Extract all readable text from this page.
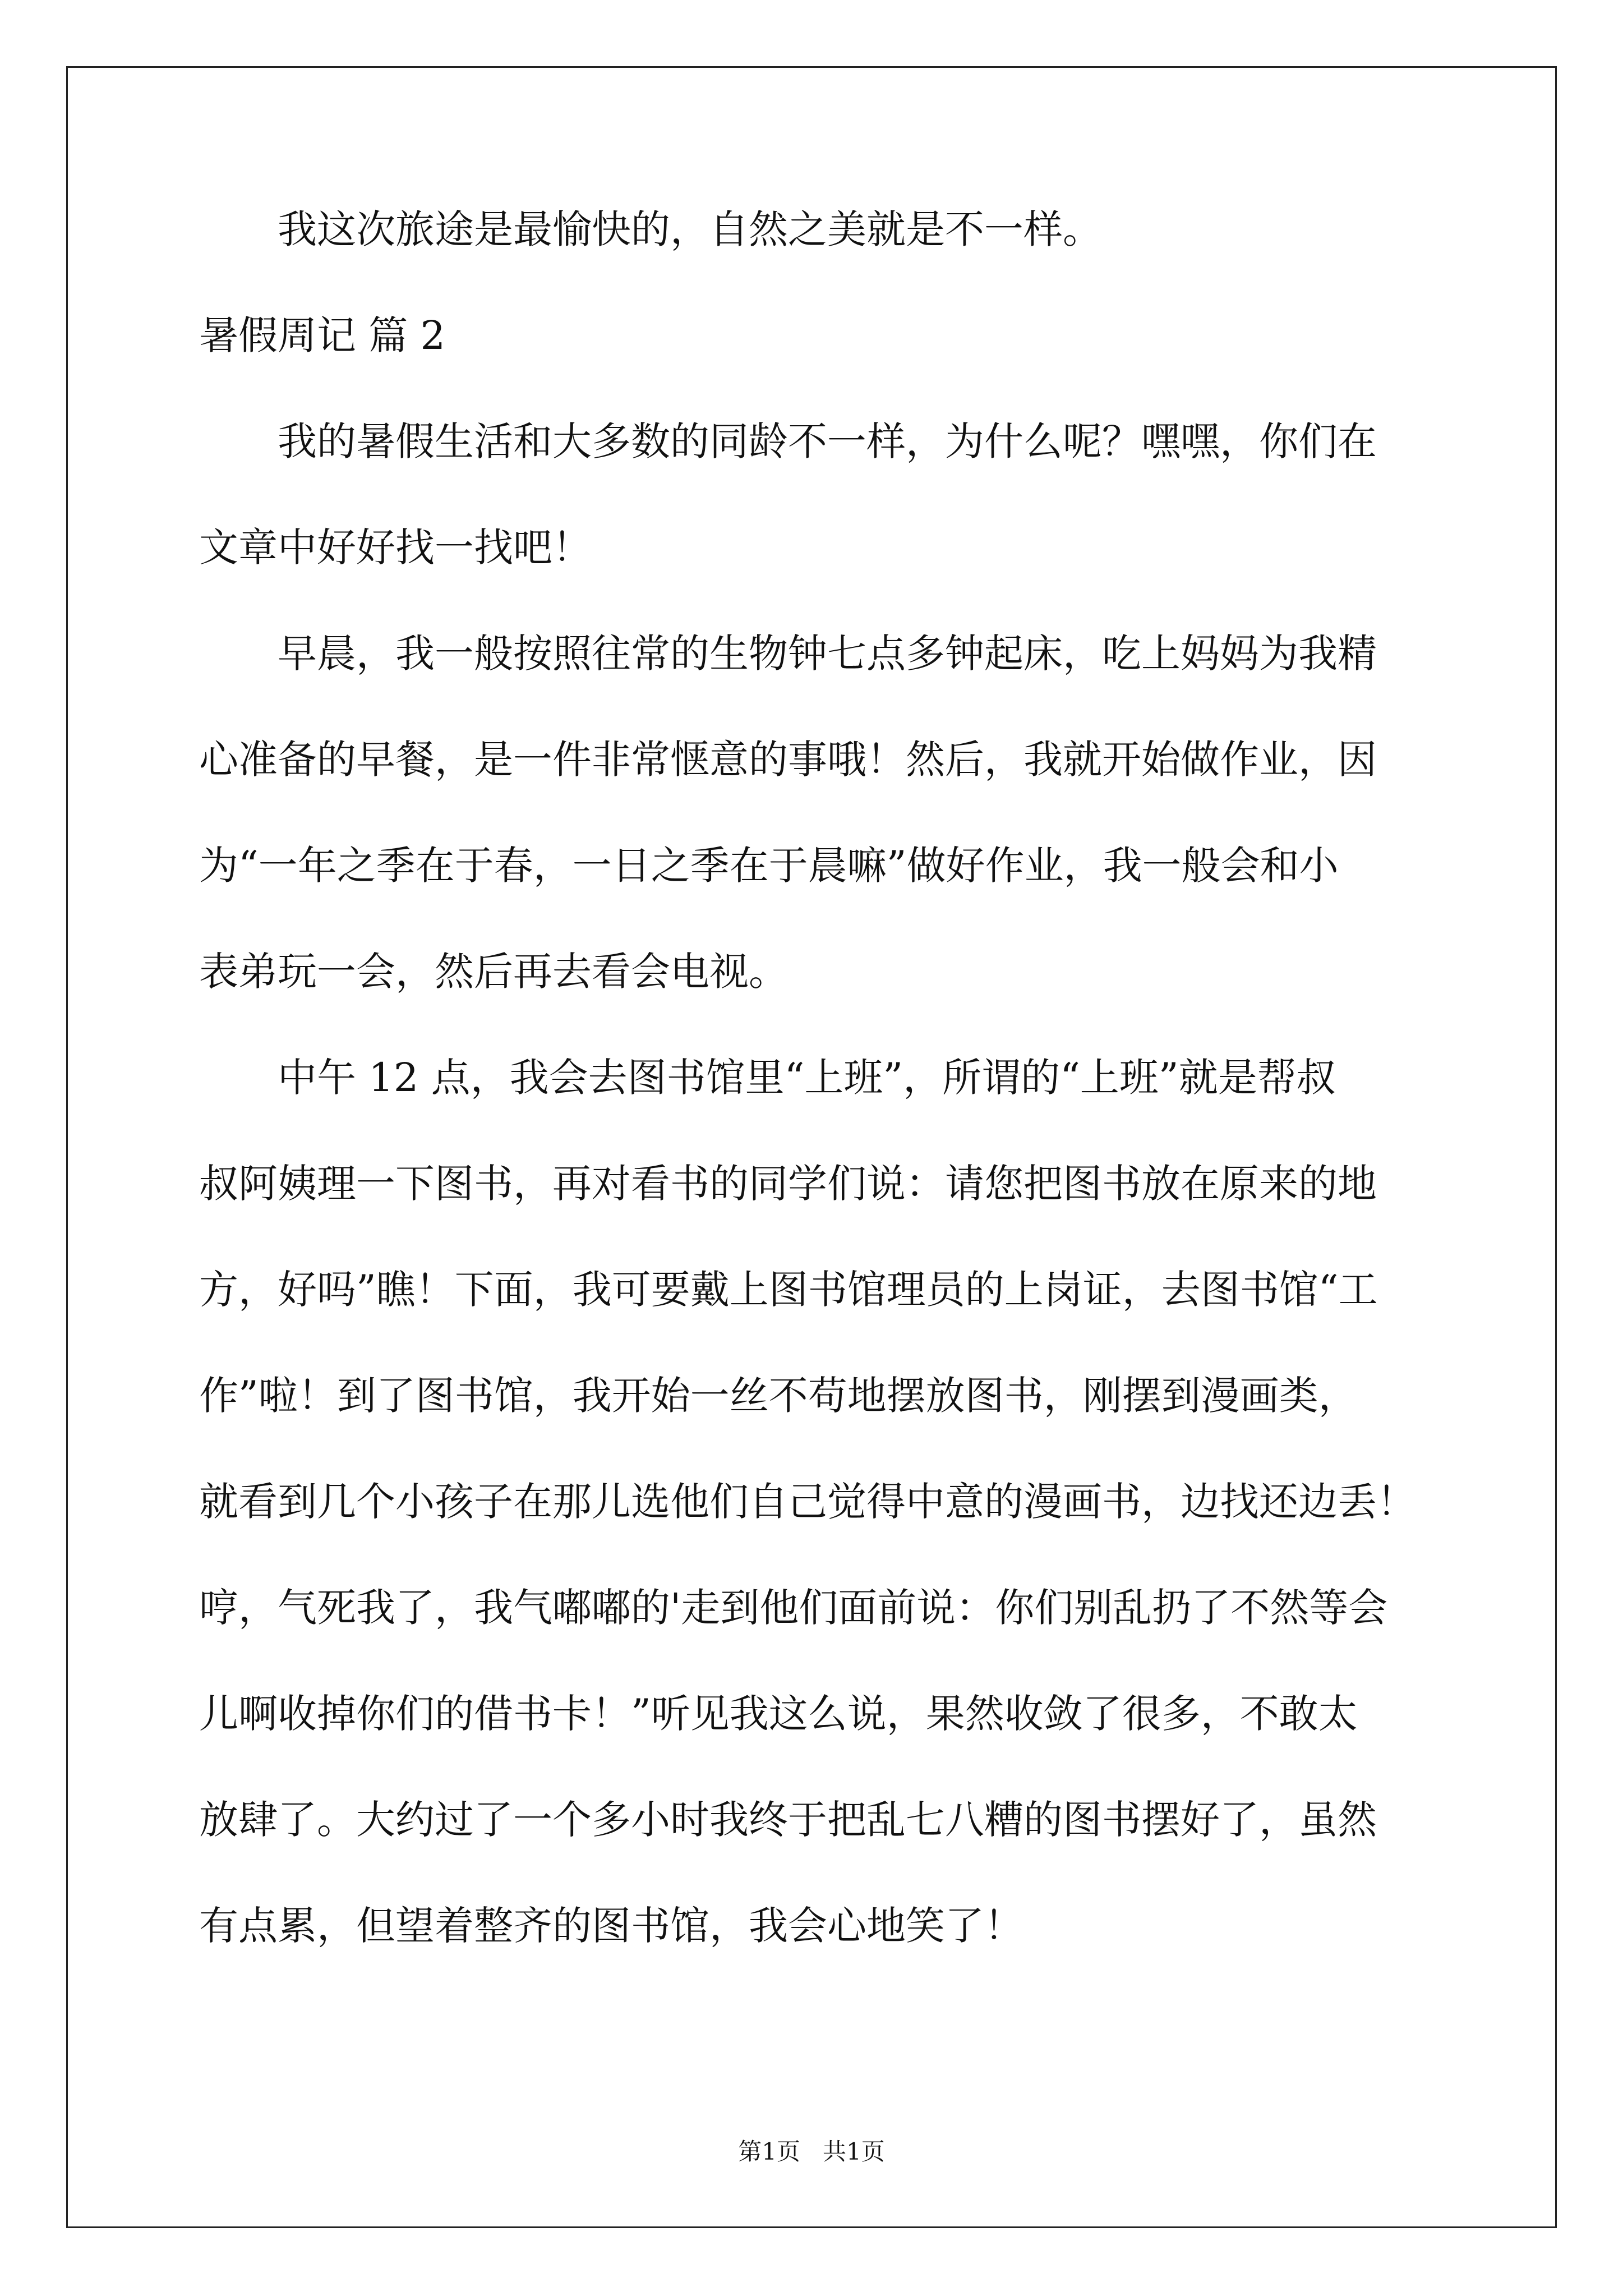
　　我这次旅途是最愉快的，自然之美就是不一样。
暑假周记 篇 2
　　我的暑假生活和大多数的同龄不一样，为什么呢？嘿嘿，你们在
文章中好好找一找吧！
　　早晨，我一般按照往常的生物钟七点多钟起床，吃上妈妈为我精
心准备的早餐，是一件非常惬意的事哦！然后，我就开始做作业，因
为“一年之季在于春，一日之季在于晨嘛”做好作业，我一般会和小
表弟玩一会，然后再去看会电视。
　　中午 12 点，我会去图书馆里“上班”，所谓的“上班”就是帮叔
叔阿姨理一下图书，再对看书的同学们说：请您把图书放在原来的地
方，好吗”瞧！下面，我可要戴上图书馆理员的上岗证，去图书馆“工
作”啦！到了图书馆，我开始一丝不苟地摆放图书，刚摆到漫画类，
就看到几个小孩子在那儿选他们自己觉得中意的漫画书，边找还边丢！
哼，气死我了，我气嘟嘟的'走到他们面前说：你们别乱扔了不然等会
儿啊收掉你们的借书卡！”听见我这么说，果然收敛了很多，不敢太
放肆了。大约过了一个多小时我终于把乱七八糟的图书摆好了，虽然
有点累，但望着整齐的图书馆，我会心地笑了！
第1页   共1页
